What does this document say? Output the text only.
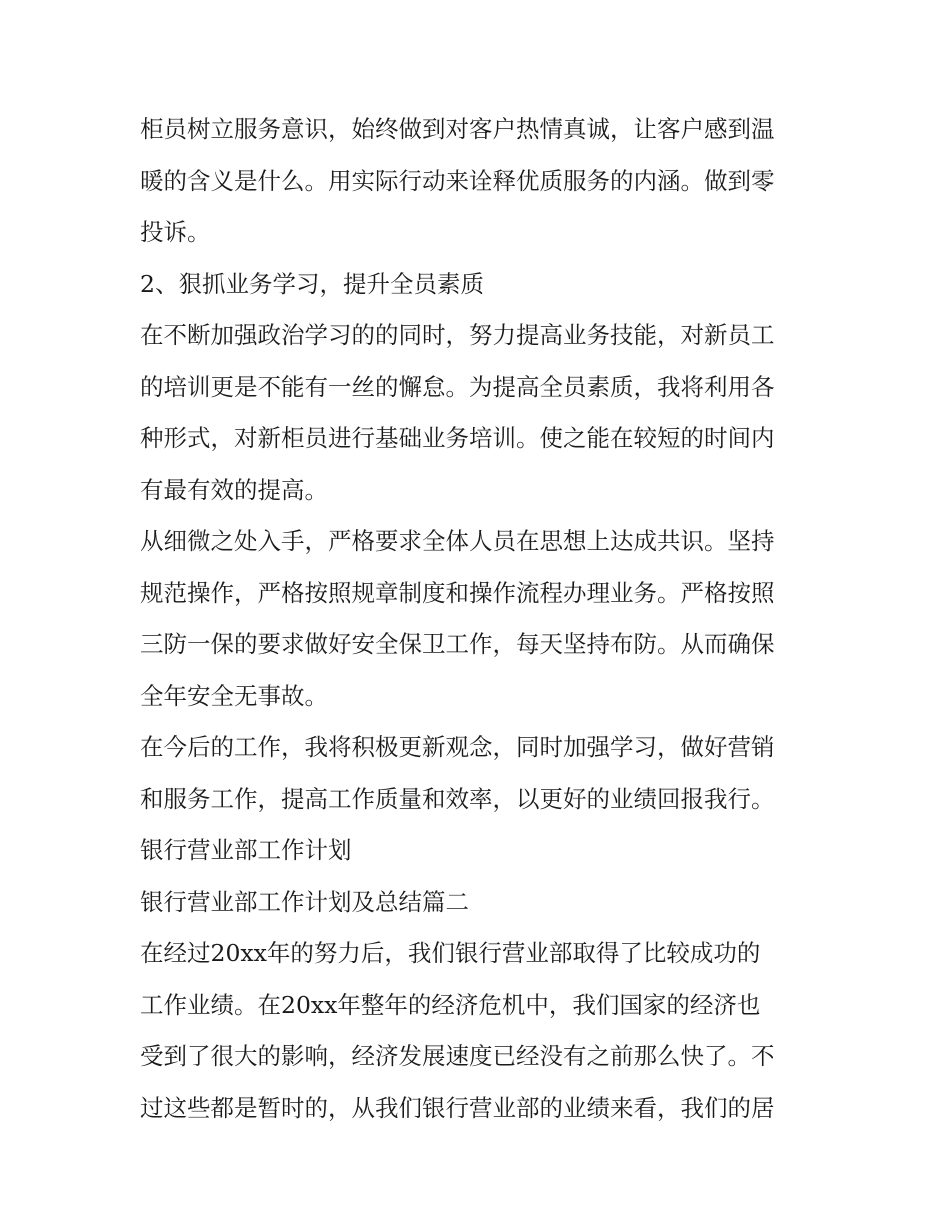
柜员树立服务意识，始终做到对客户热情真诚，让客户感到温
暖的含义是什么。用实际行动来诠释优质服务的内涵。做到零
投诉。
2、狠抓业务学习，提升全员素质
在不断加强政治学习的的同时，努力提高业务技能，对新员工
的培训更是不能有一丝的懈怠。为提高全员素质，我将利用各
种形式，对新柜员进行基础业务培训。使之能在较短的时间内
有最有效的提高。
从细微之处入手，严格要求全体人员在思想上达成共识。坚持
规范操作，严格按照规章制度和操作流程办理业务。严格按照
三防一保的要求做好安全保卫工作，每天坚持布防。从而确保
全年安全无事故。
在今后的工作，我将积极更新观念，同时加强学习，做好营销
和服务工作，提高工作质量和效率，以更好的业绩回报我行。
银行营业部工作计划
银行营业部工作计划及总结篇二
在经过20xx年的努力后，我们银行营业部取得了比较成功的
工作业绩。在20xx年整年的经济危机中，我们国家的经济也
受到了很大的影响，经济发展速度已经没有之前那么快了。不
过这些都是暂时的，从我们银行营业部的业绩来看，我们的居
